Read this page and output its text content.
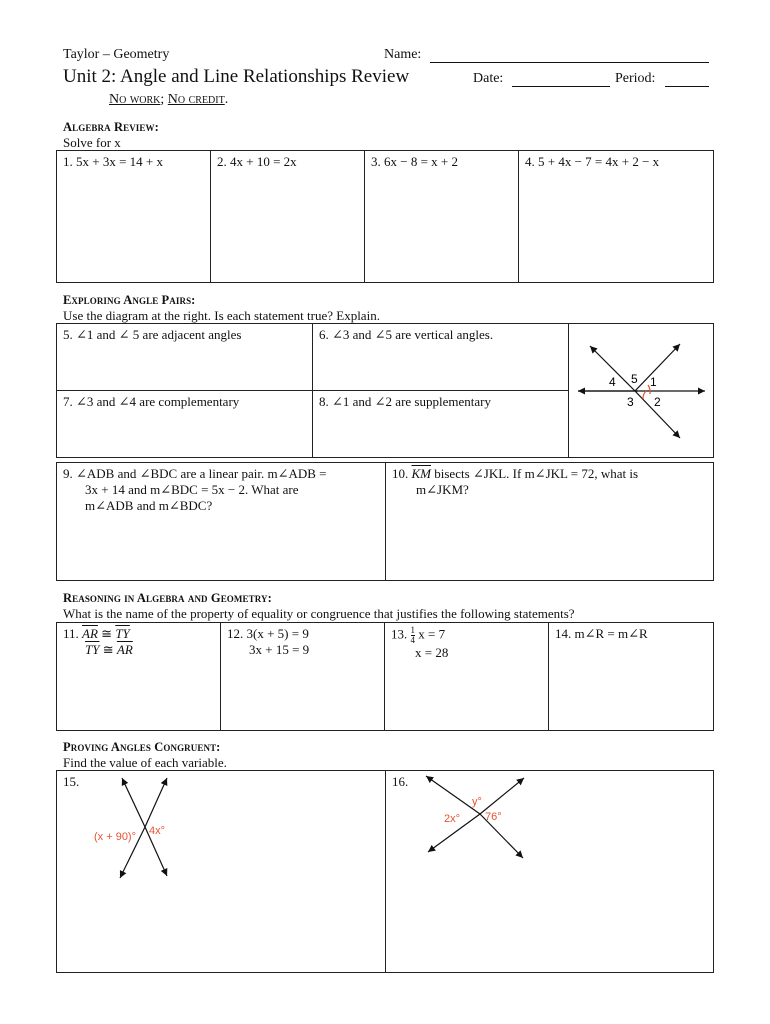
Taylor – Geometry	Name:
Unit 2: Angle and Line Relationships Review	Date:	Period:
No work; No credit.
Algebra Review:
Solve for x
1. 5x + 3x = 14 + x	2. 4x + 10 = 2x	3. 6x − 8 = x + 2	4. 5 + 4x − 7 = 4x + 2 − x
Exploring Angle Pairs:
Use the diagram at the right. Is each statement true? Explain.
5. ∠1 and ∠ 5 are adjacent angles	6. ∠3 and ∠5 are vertical angles.	
7. ∠3 and ∠4 are complementary	8. ∠1 and ∠2 are supplementary	
4 5 1
3 2
9. ∠ADB and ∠BDC are a linear pair. m∠ADB =
3x + 14 and m∠BDC = 5x − 2. What are
m∠ADB and m∠BDC?

10. $\overline{KM}$ bisects ∠JKL. If m∠JKL = 72, what is
m∠JKM?
Reasoning in Algebra and Geometry:
What is the name of the property of equality or congruence that justifies the following statements?
11. $\overline{AR}$ ≅ $\overline{TY}$
$\overline{TY}$ ≅ $\overline{AR}$

12. 3(x + 5) = 9
3x + 15 = 9

13. $\frac{1}{4}$ x = 7
x = 28
	14. m∠R = m∠R
Proving Angles Congruent:
Find the value of each variable.
15.	16.
(x + 90)° 4x°
y°
2x° 76°
